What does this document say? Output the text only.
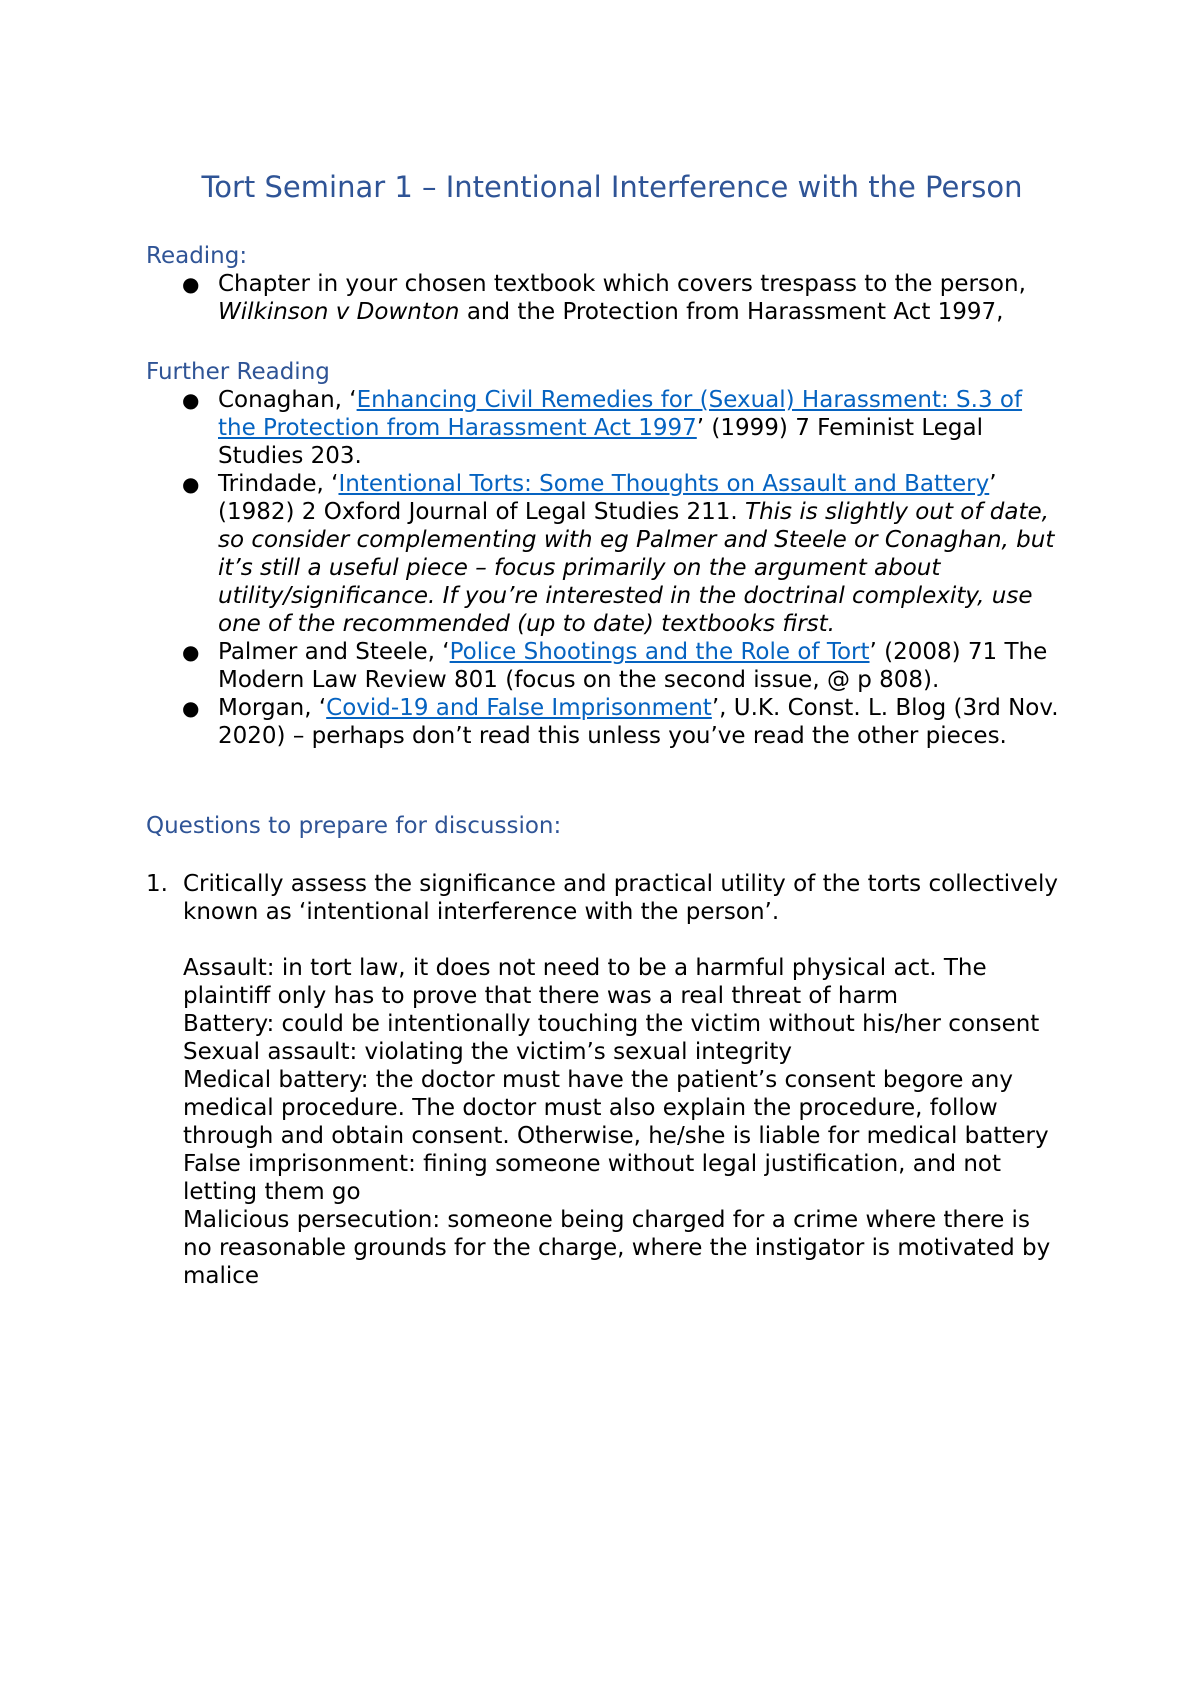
Tort Seminar 1 – Intentional Interference with the Person
Reading:
● Chapter in your chosen textbook which covers trespass to the person, Wilkinson v Downton and the Protection from Harassment Act 1997,
Further Reading
● Conaghan, ‘Enhancing Civil Remedies for (Sexual) Harassment: S.3 of the Protection from Harassment Act 1997’ (1999) 7 Feminist Legal Studies 203.
● Trindade, ‘Intentional Torts: Some Thoughts on Assault and Battery’ (1982) 2 Oxford Journal of Legal Studies 211. This is slightly out of date, so consider complementing with eg Palmer and Steele or Conaghan, but it’s still a useful piece – focus primarily on the argument about utility/significance. If you’re interested in the doctrinal complexity, use one of the recommended (up to date) textbooks first.
● Palmer and Steele, ‘Police Shootings and the Role of Tort’ (2008) 71 The Modern Law Review 801 (focus on the second issue, @ p 808).
● Morgan, ‘Covid-19 and False Imprisonment’, U.K. Const. L. Blog (3rd Nov. 2020) – perhaps don’t read this unless you’ve read the other pieces.
Questions to prepare for discussion:
1. Critically assess the significance and practical utility of the torts collectively known as ‘intentional interference with the person’.

Assault: in tort law, it does not need to be a harmful physical act. The plaintiff only has to prove that there was a real threat of harm

Battery: could be intentionally touching the victim without his/her consent

Sexual assault: violating the victim’s sexual integrity

Medical battery: the doctor must have the patient’s consent begore any medical procedure. The doctor must also explain the procedure, follow through and obtain consent. Otherwise, he/she is liable for medical battery

False imprisonment: fining someone without legal justification, and not letting them go

Malicious persecution: someone being charged for a crime where there is no reasonable grounds for the charge, where the instigator is motivated by malice
